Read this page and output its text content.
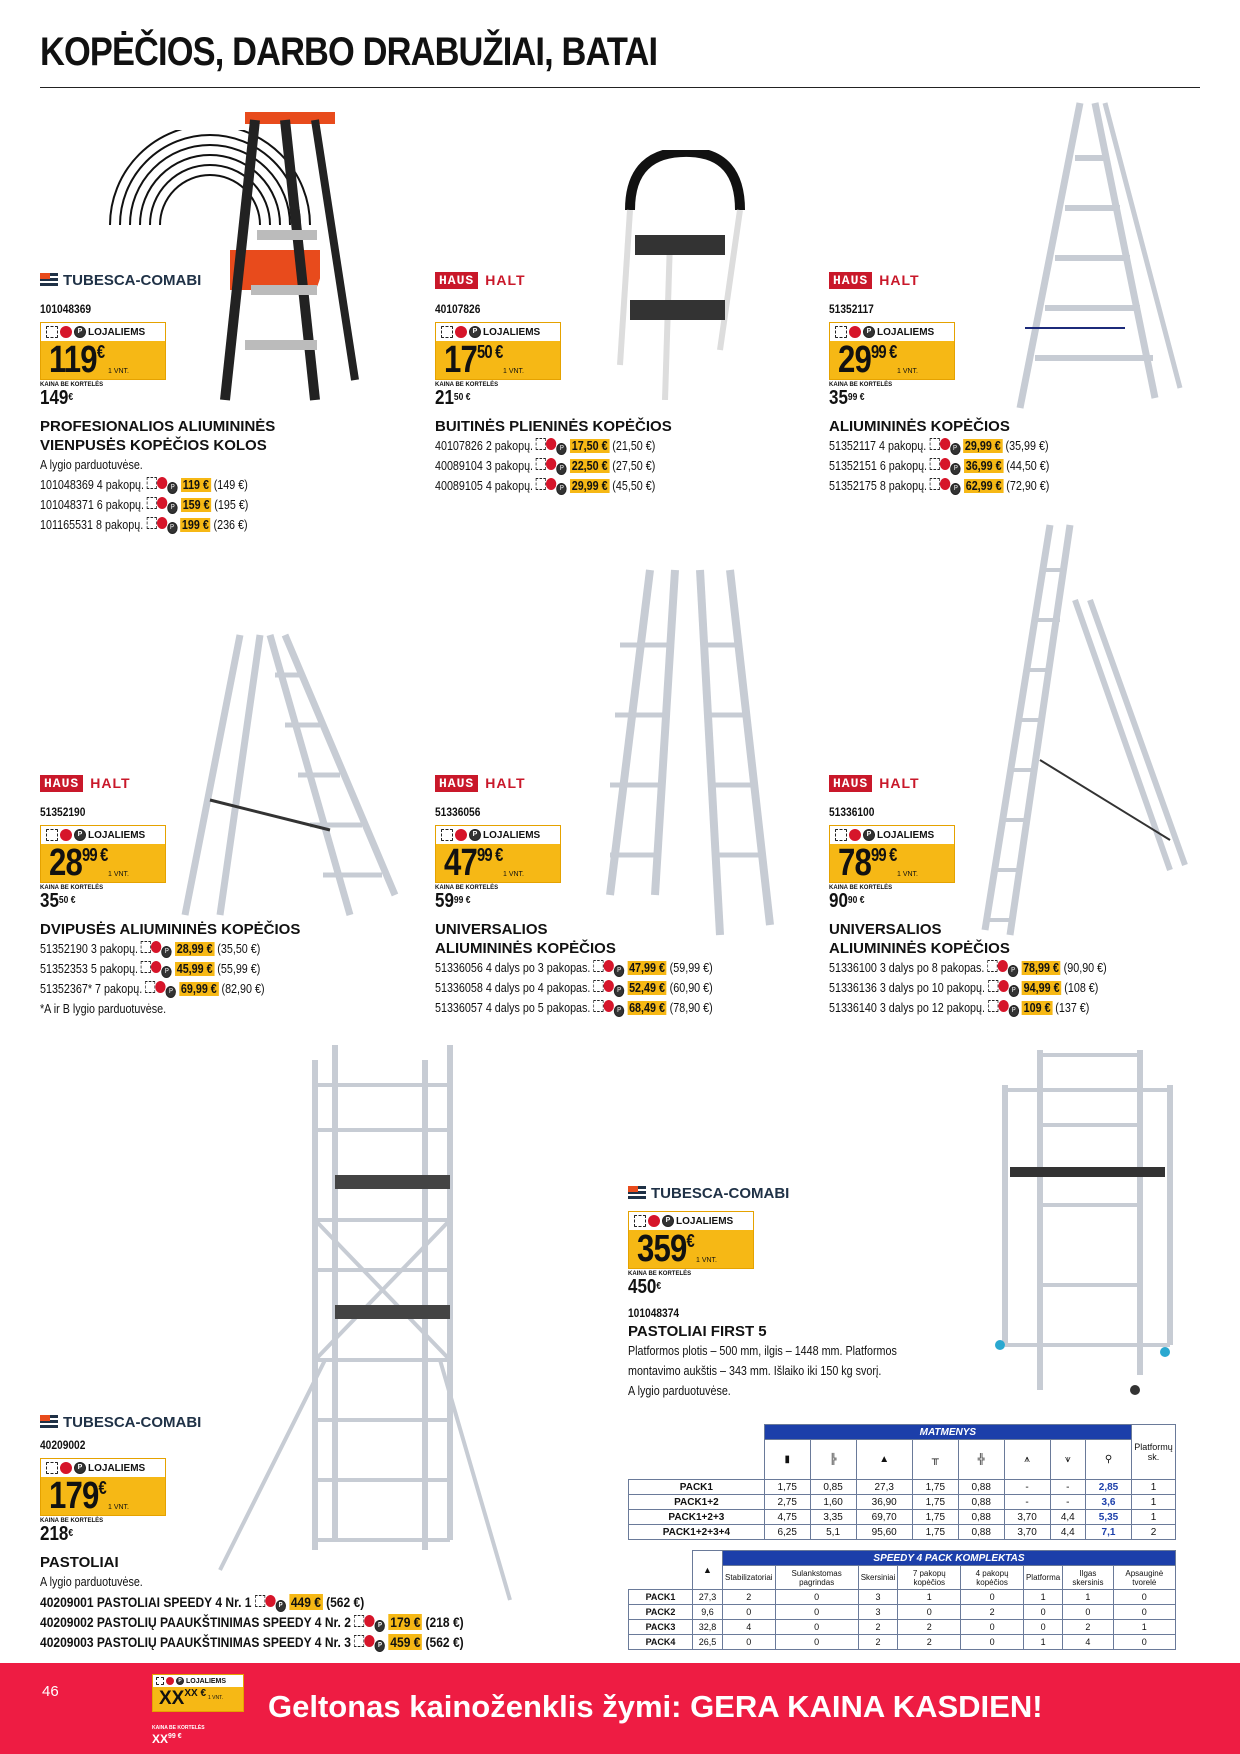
KOPĖČIOS, DARBO DRABUŽIAI, BATAI
TUBESCA-COMABI
101048369
P LOJALIEMS
119€
1 VNT.
KAINA BE KORTELĖS
149€
PROFESIONALIOS ALIUMININĖS
VIENPUSĖS KOPĖČIOS KOLOS
A lygio parduotuvėse.
101048369 4 pakopų.	P 119 € (149 €)
101048371 6 pakopų.	P 159 € (195 €)
101165531 8 pakopų.	P 199 € (236 €)
HAUS HALT
40107826
P LOJALIEMS
$17^{50 €}$
1 VNT.
KAINA BE KORTELĖS
$21^{50 €}$
BUITINĖS PLIENINĖS KOPĖČIOS
40107826 2 pakopų.	P 17,50 € (21,50 €)
40089104 3 pakopų.	P 22,50 € (27,50 €)
40089105 4 pakopų.	P 29,99 € (45,50 €)
HAUS HALT
51352117
P LOJALIEMS
$29^{99 €}$
1 VNT.
KAINA BE KORTELĖS
$35^{99 €}$
ALIUMININĖS KOPĖČIOS
51352117 4 pakopų.	P 29,99 € (35,99 €)
51352151 6 pakopų.	P 36,99 € (44,50 €)
51352175 8 pakopų.	P 62,99 € (72,90 €)
HAUS HALT
51352190
P LOJALIEMS
$28^{99 €}$
1 VNT.
KAINA BE KORTELĖS
$35^{50 €}$
DVIPUSĖS ALIUMININĖS KOPĖČIOS
51352190 3 pakopų.	P 28,99 € (35,50 €)
51352353 5 pakopų.	P 45,99 € (55,99 €)
51352367* 7 pakopų.	P 69,99 € (82,90 €)
*A ir B lygio parduotuvėse.
HAUS HALT
51336056
P LOJALIEMS
$47^{99 €}$
1 VNT.
KAINA BE KORTELĖS
$59^{99 €}$
UNIVERSALIOS
ALIUMININĖS KOPĖČIOS
51336056 4 dalys po 3 pakopas.	P 47,99 € (59,99 €)
51336058 4 dalys po 4 pakopas.	P 52,49 € (60,90 €)
51336057 4 dalys po 5 pakopas.	P 68,49 € (78,90 €)
HAUS HALT
51336100
P LOJALIEMS
$78^{99 €}$
1 VNT.
KAINA BE KORTELĖS
$90^{90 €}$
UNIVERSALIOS
ALIUMININĖS KOPĖČIOS
51336100 3 dalys po 8 pakopas.	P 78,99 € (90,90 €)
51336136 3 dalys po 10 pakopų.	P 94,99 € (108 €)
51336140 3 dalys po 12 pakopų.	P 109 € (137 €)
TUBESCA-COMABI
P LOJALIEMS
359€
1 VNT.
KAINA BE KORTELĖS
450€
101048374
PASTOLIAI FIRST 5
Platformos plotis – 500 mm, ilgis – 1448 mm. Platformos
montavimo aukštis – 343 mm. Išlaiko iki 150 kg svorį.
A lygio parduotuvėse.
TUBESCA-COMABI
40209002
P LOJALIEMS
179€
1 VNT.
KAINA BE KORTELĖS
218€
PASTOLIAI
A lygio parduotuvėse.
40209001 PASTOLIAI SPEEDY 4 Nr. 1	P 449 € (562 €)
40209002 PASTOLIŲ PAAUKŠTINIMAS SPEEDY 4 Nr. 2	P 179 € (218 €)
40209003 PASTOLIŲ PAAUKŠTINIMAS SPEEDY 4 Nr. 3	P 459 € (562 €)
	MATMENYS								Platformų sk.
	▮	╠	▲	╥	╬	⩚	⩛	⚲	
PACK1	1,75	0,85	27,3	1,75	0,88	-	-	2,85	1
PACK1+2	2,75	1,60	36,90	1,75	0,88	-	-	3,6	1
PACK1+2+3	4,75	3,35	69,70	1,75	0,88	3,70	4,4	5,35	1
PACK1+2+3+4	6,25	5,1	95,60	1,75	0,88	3,70	4,4	7,1	2
	▲	SPEEDY 4 PACK KOMPLEKTAS							
		Stabilizatoriai	Sulankstomas pagrindas	Skersiniai	7 pakopų kopėčios	4 pakopų kopėčios	Platforma	Ilgas skersinis	Apsauginė tvorelė
PACK1	27,3	2	0	3	1	0	1	1	0
PACK2	9,6	0	0	3	0	2	0	0	0
PACK3	32,8	4	0	2	2	0	0	2	1
PACK4	26,5	0	0	2	2	0	1	4	0
46
P LOJALIEMS
$XX^{XX €}$ 1 VNT.
KAINA BE KORTELĖS
$XX^{99 €}$
Geltonas kainoženklis žymi: GERA KAINA KASDIEN!
